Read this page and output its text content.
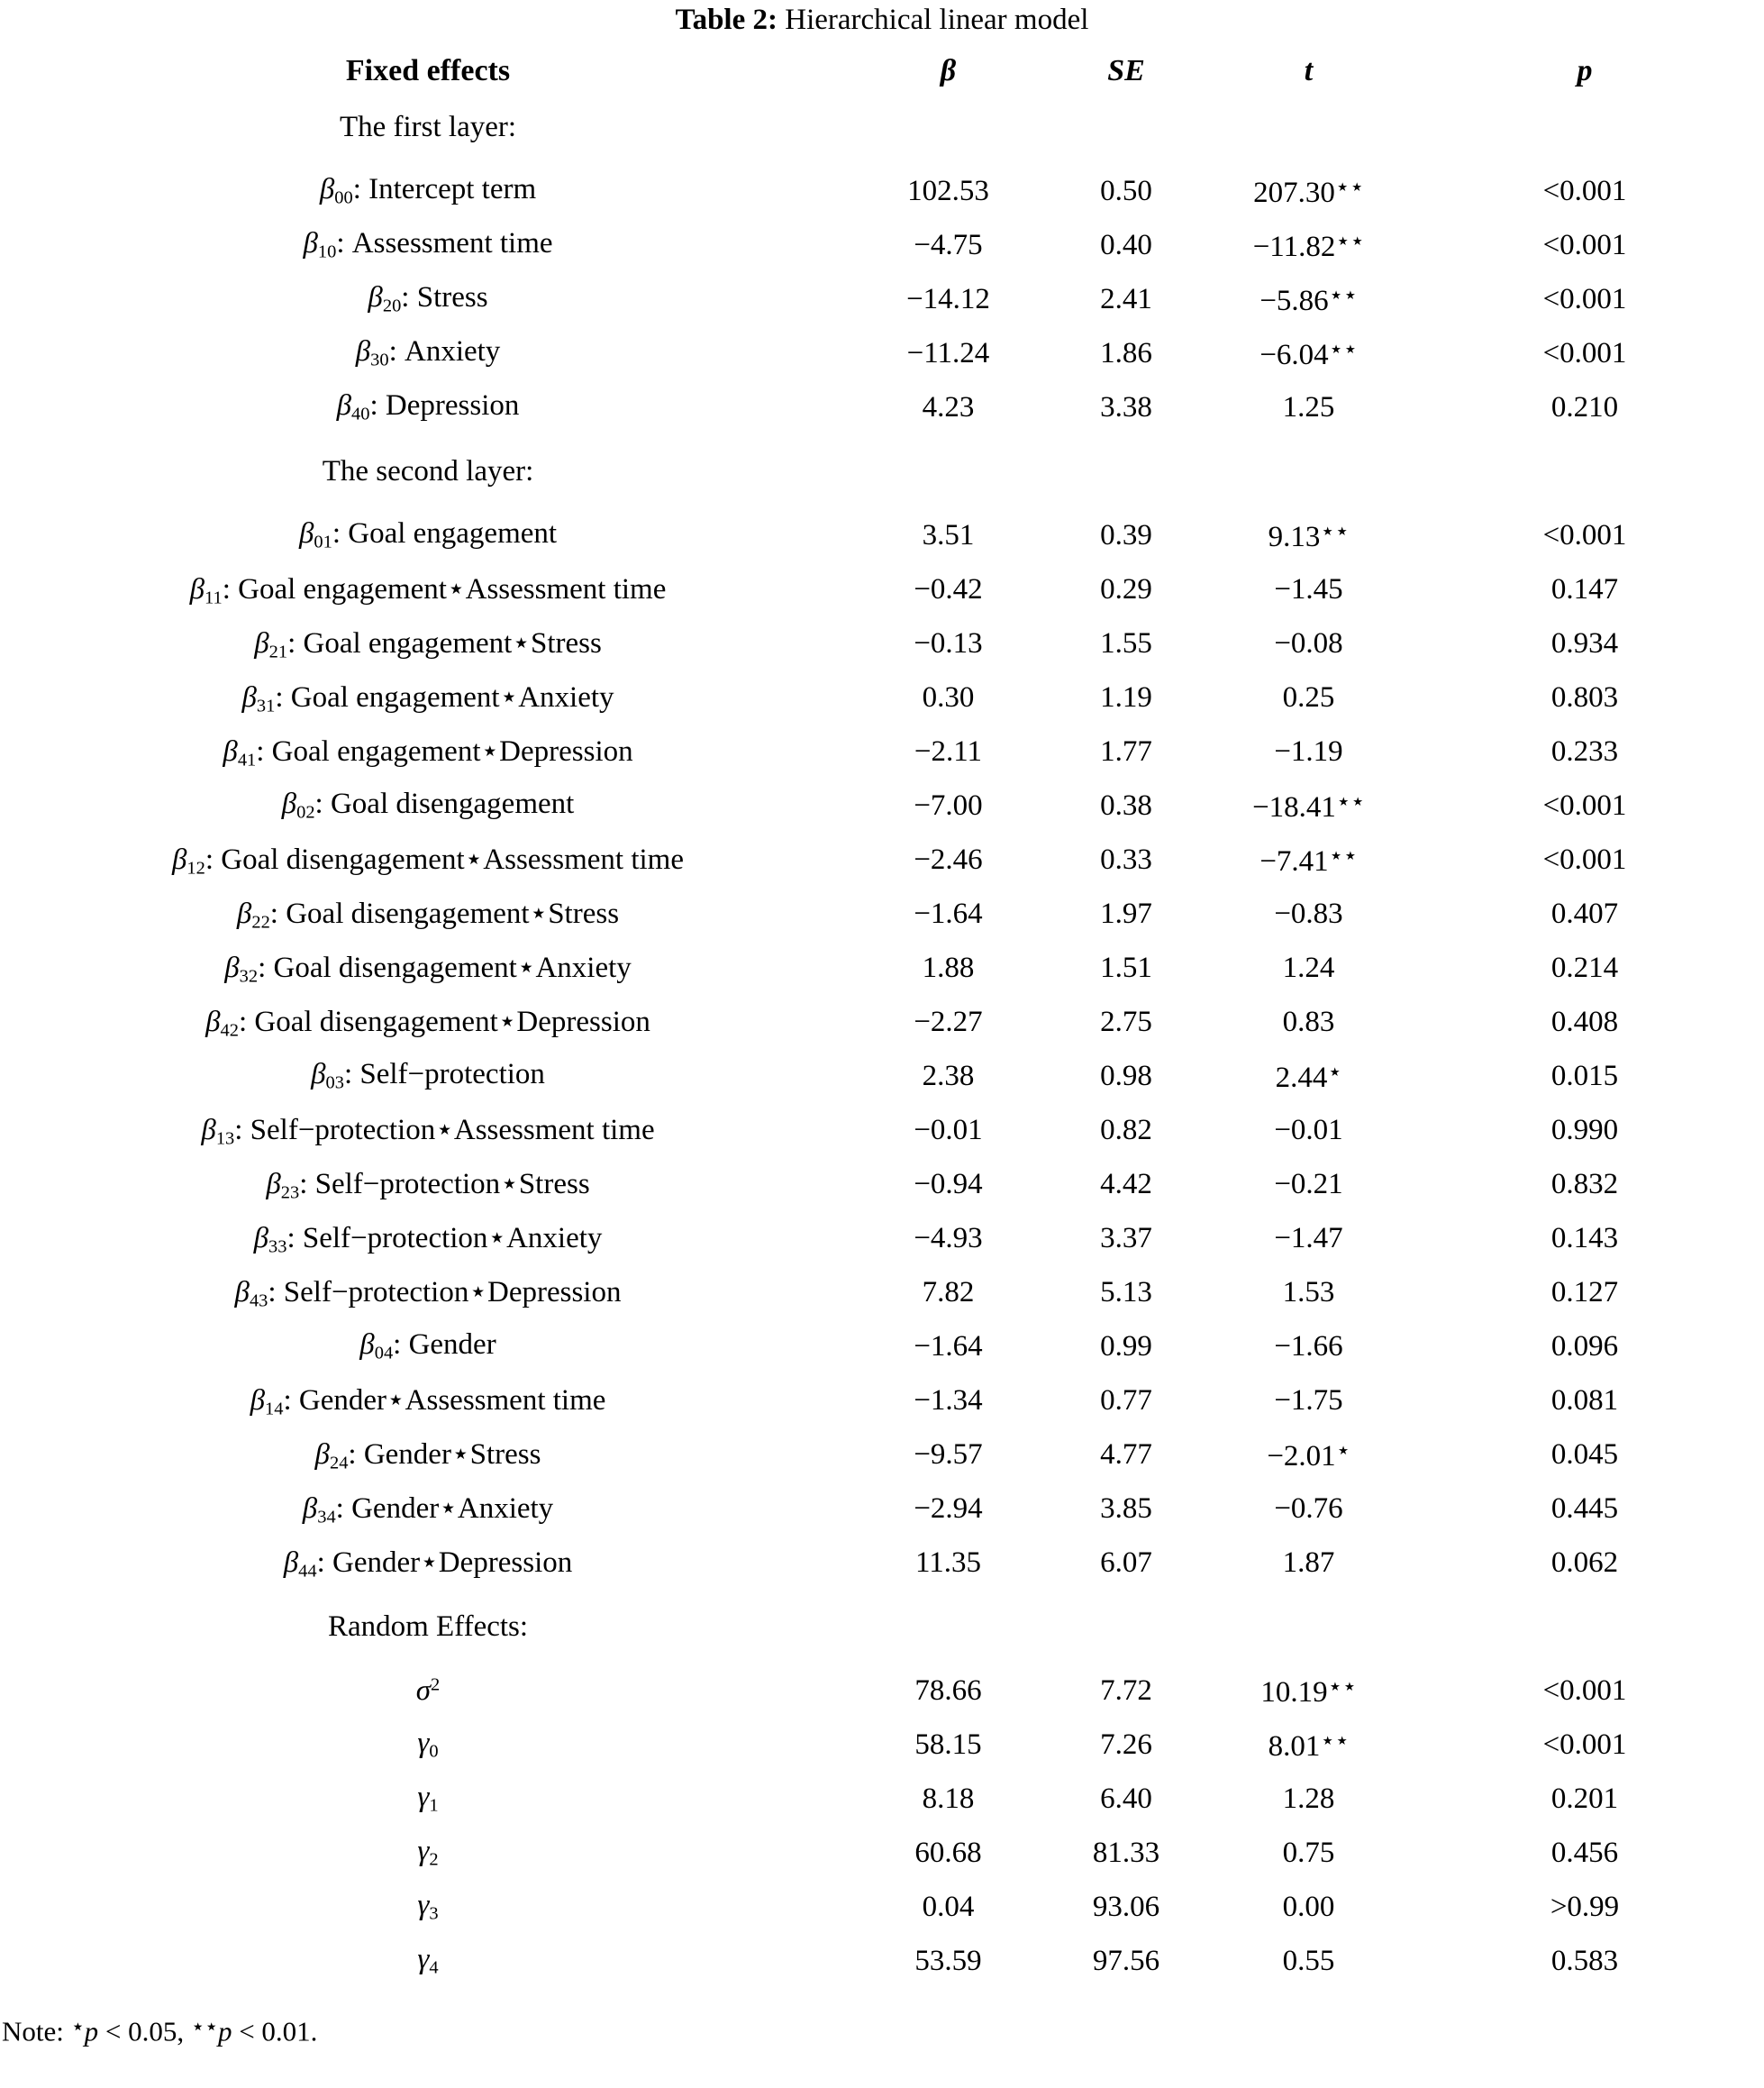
Table 2: Hierarchical linear model

Fixed effects	β	SE	t	p

The first layer:				

$\beta_{00}$: Intercept term	102.53	0.50	207.30⋆⋆	<0.001
$\beta_{10}$: Assessment time	−4.75	0.40	−11.82⋆⋆	<0.001
$\beta_{20}$: Stress	−14.12	2.41	−5.86⋆⋆	<0.001
$\beta_{30}$: Anxiety	−11.24	1.86	−6.04⋆⋆	<0.001
$\beta_{40}$: Depression	4.23	3.38	1.25	0.210

The second layer:				

$\beta_{01}$: Goal engagement	3.51	0.39	9.13⋆⋆	<0.001
$\beta_{11}$: Goal engagement⋆Assessment time	−0.42	0.29	−1.45	0.147
$\beta_{21}$: Goal engagement⋆Stress	−0.13	1.55	−0.08	0.934
$\beta_{31}$: Goal engagement⋆Anxiety	0.30	1.19	0.25	0.803
$\beta_{41}$: Goal engagement⋆Depression	−2.11	1.77	−1.19	0.233
$\beta_{02}$: Goal disengagement	−7.00	0.38	−18.41⋆⋆	<0.001
$\beta_{12}$: Goal disengagement⋆Assessment time	−2.46	0.33	−7.41⋆⋆	<0.001
$\beta_{22}$: Goal disengagement⋆Stress	−1.64	1.97	−0.83	0.407
$\beta_{32}$: Goal disengagement⋆Anxiety	1.88	1.51	1.24	0.214
$\beta_{42}$: Goal disengagement⋆Depression	−2.27	2.75	0.83	0.408
$\beta_{03}$: Self−protection	2.38	0.98	2.44⋆	0.015
$\beta_{13}$: Self−protection⋆Assessment time	−0.01	0.82	−0.01	0.990
$\beta_{23}$: Self−protection⋆Stress	−0.94	4.42	−0.21	0.832
$\beta_{33}$: Self−protection⋆Anxiety	−4.93	3.37	−1.47	0.143
$\beta_{43}$: Self−protection⋆Depression	7.82	5.13	1.53	0.127
$\beta_{04}$: Gender	−1.64	0.99	−1.66	0.096
$\beta_{14}$: Gender⋆Assessment time	−1.34	0.77	−1.75	0.081
$\beta_{24}$: Gender⋆Stress	−9.57	4.77	−2.01⋆	0.045
$\beta_{34}$: Gender⋆Anxiety	−2.94	3.85	−0.76	0.445
$\beta_{44}$: Gender⋆Depression	11.35	6.07	1.87	0.062

Random Effects:				

$\sigma^2$	78.66	7.72	10.19⋆⋆	<0.001
$\gamma_0$	58.15	7.26	8.01⋆⋆	<0.001
$\gamma_1$	8.18	6.40	1.28	0.201
$\gamma_2$	60.68	81.33	0.75	0.456
$\gamma_3$	0.04	93.06	0.00	>0.99
$\gamma_4$	53.59	97.56	0.55	0.583

Note: ⋆p < 0.05, ⋆⋆p < 0.01.
